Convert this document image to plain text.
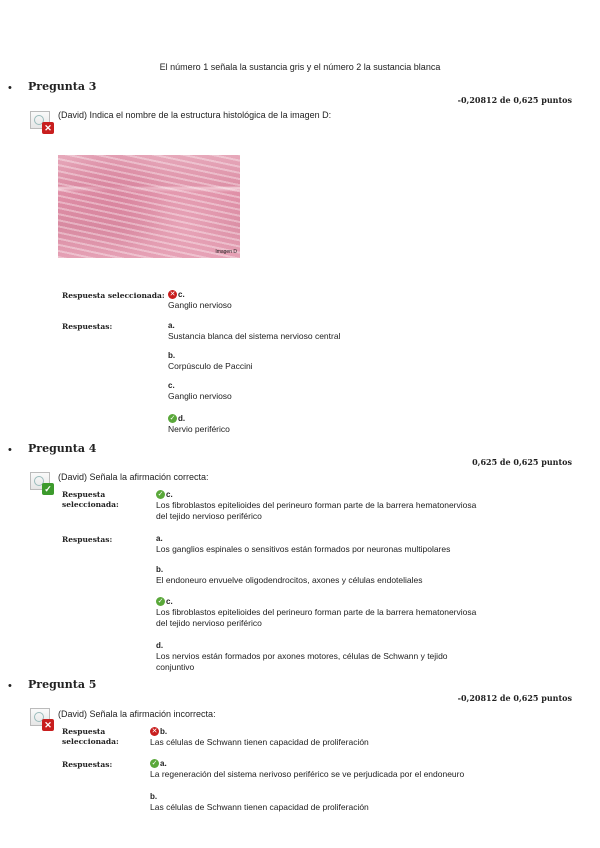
El número 1 señala la sustancia gris y el número 2 la sustancia blanca
• Pregunta 3
-0,20812 de 0,625 puntos
✕
(David) Indica el nombre de la estructura histológica de la imagen D:
Imagen D
Respuesta seleccionada: ✕ c.
Ganglio nervioso
Respuestas:	a.
Sustancia blanca del sistema nervioso central
b.
Corpúsculo de Paccini
c.
Ganglio nervioso
✓ d.
Nervio periférico
• Pregunta 4
0,625 de 0,625 puntos
✓
(David) Señala la afirmación correcta:
Respuesta
seleccionada:
✓ c.
Los fibroblastos epitelioides del perineuro forman parte de la barrera hematonerviosa
del tejido nervioso periférico
Respuestas:	a.
Los ganglios espinales o sensitivos están formados por neuronas multipolares
b.
El endoneuro envuelve oligodendrocitos, axones y células endoteliales
✓ c.
Los fibroblastos epitelioides del perineuro forman parte de la barrera hematonerviosa
del tejido nervioso periférico
d.
Los nervios están formados por axones motores, células de Schwann y tejido
conjuntivo
• Pregunta 5
-0,20812 de 0,625 puntos
✕
(David) Señala la afirmación incorrecta:
Respuesta
seleccionada:
✕ b.
Las células de Schwann tienen capacidad de proliferación
Respuestas:	✓ a.
La regeneración del sistema nerivoso periférico se ve perjudicada por el endoneuro
b.
Las células de Schwann tienen capacidad de proliferación
